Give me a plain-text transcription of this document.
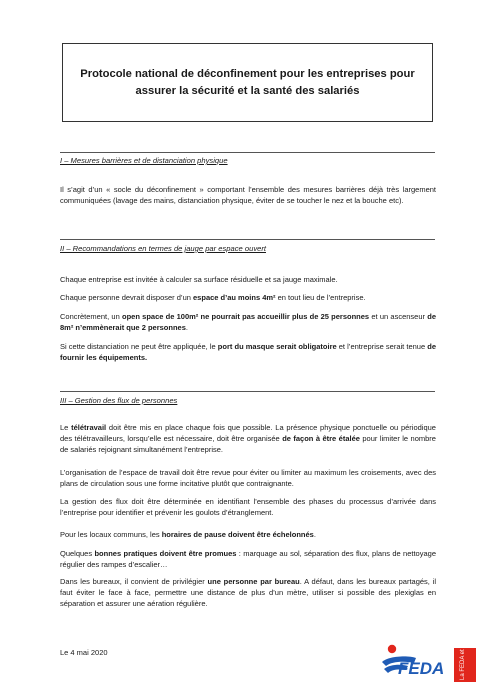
Protocole national de déconfinement pour les entreprises pour
assurer la sécurité et la santé des salariés
I – Mesures barrières et de distanciation physique

Il s’agit d’un « socle du déconfinement » comportant l’ensemble des mesures barrières déjà très largement communiquées (lavage des mains, distanciation physique, éviter de se toucher le nez et la bouche etc).

II – Recommandations en termes de jauge par espace ouvert

Chaque entreprise est invitée à calculer sa surface résiduelle et sa jauge maximale.

Chaque personne devrait disposer d’un espace d’au moins 4m² en tout lieu de l’entreprise.

Concrètement, un open space de 100m² ne pourrait pas accueillir plus de 25 personnes et un ascenseur de 8m² n’emmènerait que 2 personnes.

Si cette distanciation ne peut être appliquée, le port du masque serait obligatoire et l’entreprise serait tenue de fournir les équipements.

III – Gestion des flux de personnes

Le télétravail doit être mis en place chaque fois que possible. La présence physique ponctuelle ou périodique des télétravailleurs, lorsqu’elle est nécessaire, doit être organisée de façon à être étalée pour limiter le nombre de salariés rejoignant simultanément l’entreprise.

L’organisation de l’espace de travail doit être revue pour éviter ou limiter au maximum les croisements, avec des plans de circulation sous une forme incitative plutôt que contraignante.

La gestion des flux doit être déterminée en identifiant l’ensemble des phases du processus d’arrivée dans l’entreprise pour identifier et prévenir les goulots d’étranglement.

Pour les locaux communs, les horaires de pause doivent être échelonnés.

Quelques bonnes pratiques doivent être promues : marquage au sol, séparation des flux, plans de nettoyage régulier des rampes d’escalier…

Dans les bureaux, il convient de privilégier une personne par bureau. A défaut, dans les bureaux partagés, il faut éviter le face à face, permettre une distance de plus d’un mètre, utiliser si possible des plexiglas en séparation et assurer une aération régulière.

Le 4 mai 2020
FEDA	La FEDA et Le
